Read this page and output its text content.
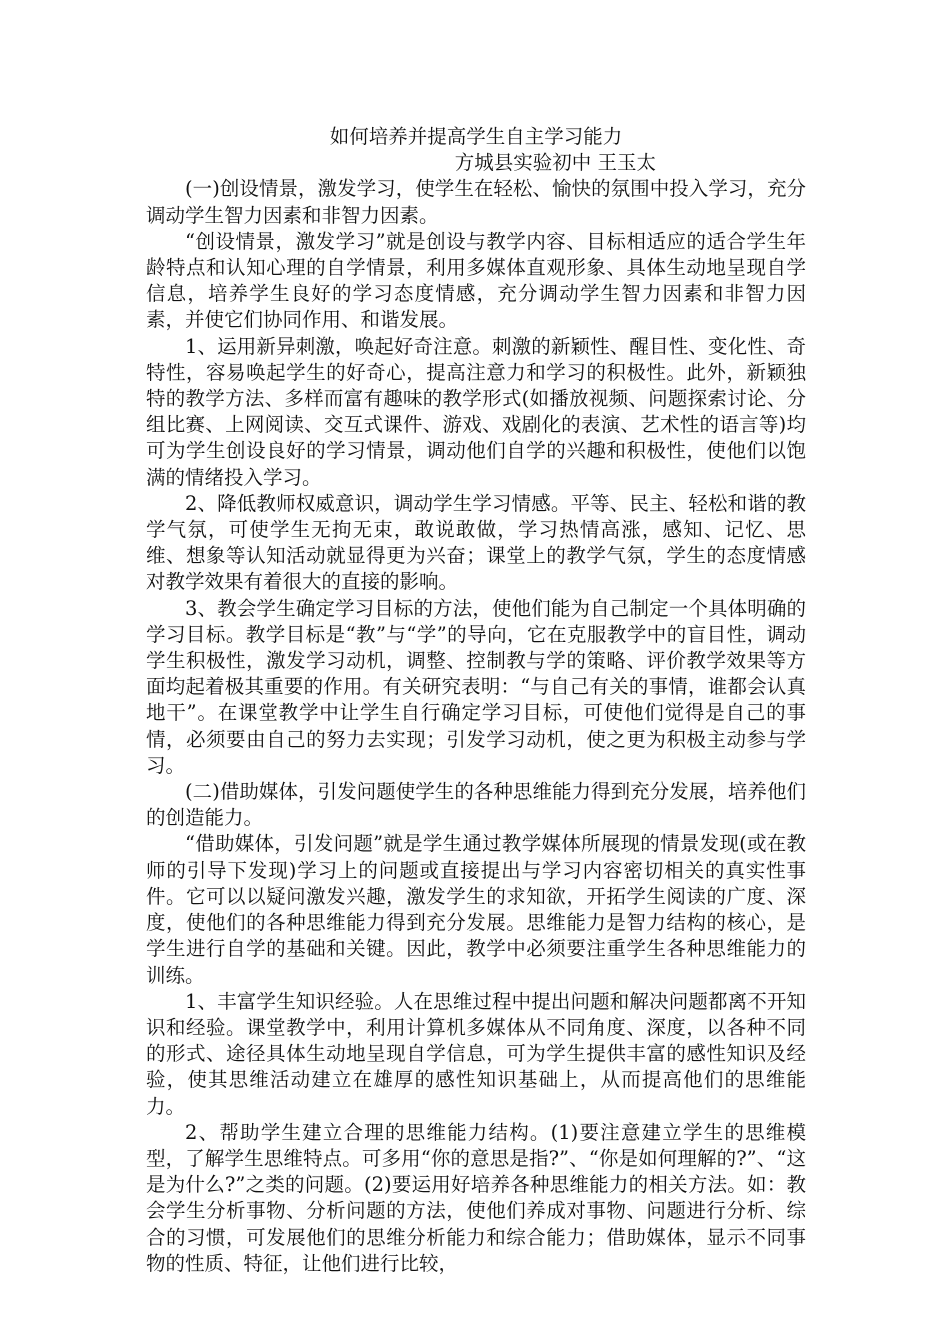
如何培养并提高学生自主学习能力

方城县实验初中 王玉太

(一)创设情景，激发学习，使学生在轻松、愉快的氛围中投入学习，充分调动学生智力因素和非智力因素。

“创设情景，激发学习”就是创设与教学内容、目标相适应的适合学生年龄特点和认知心理的自学情景，利用多媒体直观形象、具体生动地呈现自学信息，培养学生良好的学习态度情感，充分调动学生智力因素和非智力因素，并使它们协同作用、和谐发展。

1、运用新异刺激，唤起好奇注意。刺激的新颖性、醒目性、变化性、奇特性，容易唤起学生的好奇心，提高注意力和学习的积极性。此外，新颖独特的教学方法、多样而富有趣味的教学形式(如播放视频、问题探索讨论、分组比赛、上网阅读、交互式课件、游戏、戏剧化的表演、艺术性的语言等)均可为学生创设良好的学习情景，调动他们自学的兴趣和积极性，使他们以饱满的情绪投入学习。

2、降低教师权威意识，调动学生学习情感。平等、民主、轻松和谐的教学气氛，可使学生无拘无束，敢说敢做，学习热情高涨，感知、记忆、思维、想象等认知活动就显得更为兴奋；课堂上的教学气氛，学生的态度情感对教学效果有着很大的直接的影响。

3、教会学生确定学习目标的方法，使他们能为自己制定一个具体明确的学习目标。教学目标是“教”与“学”的导向，它在克服教学中的盲目性，调动学生积极性，激发学习动机，调整、控制教与学的策略、评价教学效果等方面均起着极其重要的作用。有关研究表明：“与自己有关的事情，谁都会认真地干”。在课堂教学中让学生自行确定学习目标，可使他们觉得是自己的事情，必须要由自己的努力去实现；引发学习动机，使之更为积极主动参与学习。

(二)借助媒体，引发问题使学生的各种思维能力得到充分发展，培养他们的创造能力。

“借助媒体，引发问题”就是学生通过教学媒体所展现的情景发现(或在教师的引导下发现)学习上的问题或直接提出与学习内容密切相关的真实性事件。它可以以疑问激发兴趣，激发学生的求知欲，开拓学生阅读的广度、深度，使他们的各种思维能力得到充分发展。思维能力是智力结构的核心，是学生进行自学的基础和关键。因此，教学中必须要注重学生各种思维能力的训练。

1、丰富学生知识经验。人在思维过程中提出问题和解决问题都离不开知识和经验。课堂教学中，利用计算机多媒体从不同角度、深度，以各种不同的形式、途径具体生动地呈现自学信息，可为学生提供丰富的感性知识及经验，使其思维活动建立在雄厚的感性知识基础上，从而提高他们的思维能力。

2、帮助学生建立合理的思维能力结构。(1)要注意建立学生的思维模型，了解学生思维特点。可多用“你的意思是指?”、“你是如何理解的?”、“这是为什么?”之类的问题。(2)要运用好培养各种思维能力的相关方法。如：教会学生分析事物、分析问题的方法，使他们养成对事物、问题进行分析、综合的习惯，可发展他们的思维分析能力和综合能力；借助媒体，显示不同事物的性质、特征，让他们进行比较，
